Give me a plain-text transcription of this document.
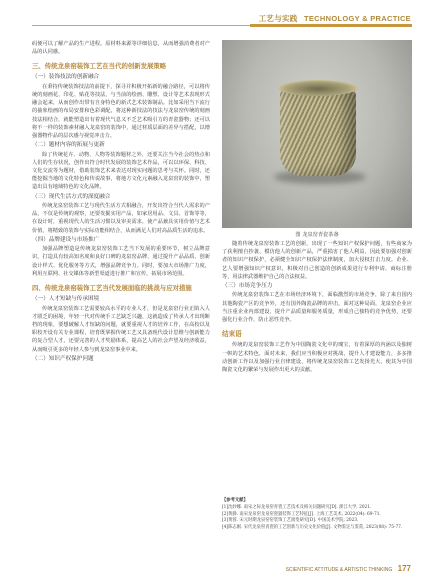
工艺与实践 TECHNOLOGY & PRACTICE

码便可以了解产品的生产进程。原材料来源等详细信息，从而增强消费者对产品的认同感。

三、传统龙泉窑装饰工艺在当代的创新发展策略
（一）装饰技法的创新融合

在秉持传统装饰技法的前提下，探寻并积极开拓新的融合路径，可以将传统的刻画花、印花、贴花等技法，与当前的绘画、雕塑、设计等艺术表现形式融会起来，从而创作出带有自身特色的新式艺术装饰制品。比如采用当下流行的抽象绘画的布局安排和色彩调配，将这种新技法的技法与龙泉窑传统的刻画技法相结合，就能塑造出有着现代气息又不乏艺术吸引力的青瓷器物；还可以将不一样的装饰素材融入龙泉窑的装饰中，通过材质层面的差异与搭配，以增强器物作品的层次感与视觉冲击力。

（二）题材内容的拓展与更新

除了传统花卉、动物、人物等装饰题材之外，还要关注当今社会的热点和人们的生存状况，创作出符合时代发展的装饰艺术作品，可以以环保、科技、文化交流等为题材，借助装饰艺术来表达对现实问题的思考与关怀。同时，还能挖掘当地的文化特色和传说故事，将地方文化元素融入龙泉窑的装饰中，塑造出具有地域特色的文化品牌。

（三）现代生活方式的深度融合

传统龙泉窑装饰工艺与现代生活方式相融合，开发出符合当代人需求的产品，不仅是传统的观察，还要发掘实用产品，如家居用品、文具、首饰等等，在设计时，重视现代人的生活习惯以及审美需求，使产品兼具实用价值与艺术价值，将精致的装饰与实际功能相结合，从而满足人们对高品质生活的追求。

（四）品牌建设与市场推广

加强品牌塑造是传统龙泉窑装饰工艺当下发展的重要环节，树立品牌意识，打造具有较高知名度和良好口碑的龙泉窑品牌，通过提升产品品质、创新设计样式、优化服务等方式，增强品牌竞争力。同时，要加大市场推广力度，利用互联网、社交媒体等新型渠道进行推广和宣传，拓展市场范围。

四、传统龙泉窑装饰工艺当代发展面临的挑战与应对措施
（一）人才短缺与传承困境

传统龙泉窑装饰工艺需要较高水平的专业人才，但是龙泉窑行业正陷入人才匮乏的困境，年轻一代对传统手工艺缺乏兴趣，这就造成了传承人才出现断档的现象，要想破解人才短缺的问题，就要重视人才的培养工作，在高校以及职校开设有关专业课程，培育既掌握传统工艺又具备现代设计思维与创新能力的复合型人才，还要完善的人才奖励体系，提高艺人的社会声望及经济收益，从而吸引更多的年轻人参与到龙泉窑事业中来。

（二）知识产权保护问题
图 龙泉窑青瓷茶盏

随着传统龙泉窑装饰工艺的创新，出现了一些知识产权保护问题，有些商家为了获利擅自抄袭、模仿他人的创新产品，严重损害了他人利益，因此要加强对创新者的知识产权保护，必须健全知识产权保护法律制度，加大侵权打击力度。企业、艺人要增强知识产权意识，积极对自己创造的创新成果进行专利申请、商标注册等，用法律武器维护自己的合法权益。

（三）市场竞争压力

传统龙泉窑装饰工艺在市场经济环境下，面临激烈的市场竞争，除了来自国内其他陶瓷产区的竞争外，还有国外陶瓷品牌的冲击，面对这种局面，龙泉窑企业应当注重企业内部建设，提升产品质量和服务质量，形成自己独特的竞争优势，还要强化行业合作，防止恶性竞争。

结束语

传统的龙泉窑装饰工艺作为中国陶瓷文化中的瑰宝，有着深厚的内涵以及独树一帜的艺术特色，面对未来，我们应当积极应对挑战，提升人才建设能力，多多推动创新工作以及加强行业自律建设，将传统龙泉窑装饰工艺发扬光大，使其为中国陶瓷文化的繁荣与发展作出更大的贡献。

【参考文献】
[1]沈妙娜. 南宋之际龙泉窑青瓷工艺技术及相关问题研究[D]. 浙江大学, 2021.
[2]黄静. 南宋龙泉窑龙泉窑瓷器装饰工艺特征[J]. 上海工艺美术, 2022(04): 69-71.
[3]黄蓉. 宋元时期龙泉窑窑装饰工艺演变研究[D]. 中国美术学院, 2023.
[4]陈志刚. 宋代龙泉窑青瓷的工艺创新与历史文化价值[J]. 文物鉴定与鉴赏, 2023(08): 75-77.
SCIENTIFIC ATTITUDE & ARTISTIC THINKING 177
